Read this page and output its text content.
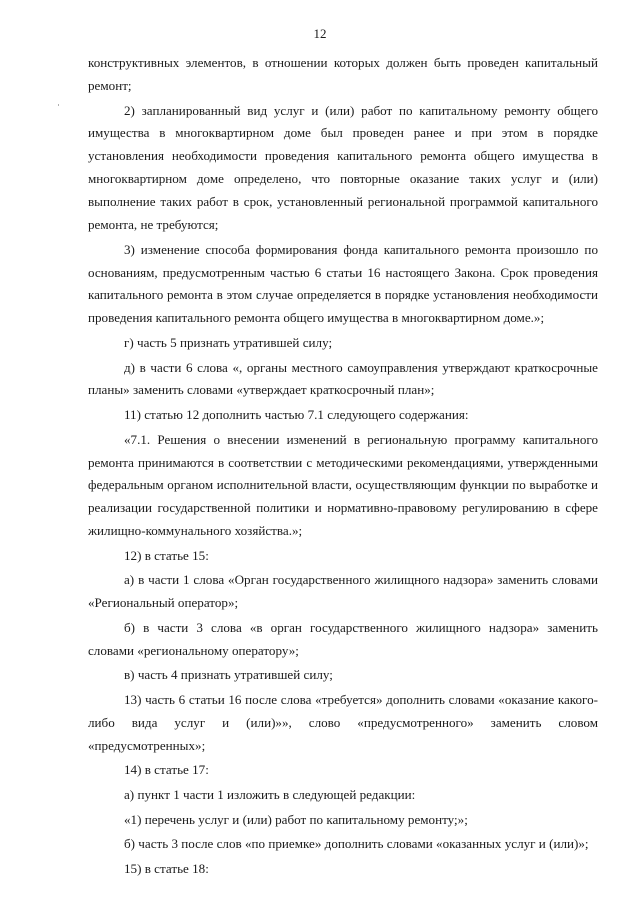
12

конструктивных элементов, в отношении которых должен быть проведен капитальный ремонт;

2) запланированный вид услуг и (или) работ по капитальному ремонту общего имущества в многоквартирном доме был проведен ранее и при этом в порядке установления необходимости проведения капитального ремонта общего имущества в многоквартирном доме определено, что повторные оказание таких услуг и (или) выполнение таких работ в срок, установленный региональной программой капитального ремонта, не требуются;

3) изменение способа формирования фонда капитального ремонта произошло по основаниям, предусмотренным частью 6 статьи 16 настоящего Закона. Срок проведения капитального ремонта в этом случае определяется в порядке установления необходимости проведения капитального ремонта общего имущества в многоквартирном доме.»;

г) часть 5 признать утратившей силу;

д) в части 6 слова «, органы местного самоуправления утверждают краткосрочные планы» заменить словами «утверждает краткосрочный план»;

11) статью 12 дополнить частью 7.1 следующего содержания:

«7.1. Решения о внесении изменений в региональную программу капитального ремонта принимаются в соответствии с методическими рекомендациями, утвержденными федеральным органом исполнительной власти, осуществляющим функции по выработке и реализации государственной политики и нормативно-правовому регулированию в сфере жилищно-коммунального хозяйства.»;

12) в статье 15:

а) в части 1 слова «Орган государственного жилищного надзора» заменить словами «Региональный оператор»;

б) в части 3 слова «в орган государственного жилищного надзора» заменить словами «региональному оператору»;

в) часть 4 признать утратившей силу;

13) часть 6 статьи 16 после слова «требуется» дополнить словами «оказание какого-либо вида услуг и (или)»», слово «предусмотренного» заменить словом «предусмотренных»;

14) в статье 17:

а) пункт 1 части 1 изложить в следующей редакции:

«1) перечень услуг и (или) работ по капитальному ремонту;»;

б) часть 3 после слов «по приемке» дополнить словами «оказанных услуг и (или)»;

15) в статье 18:
